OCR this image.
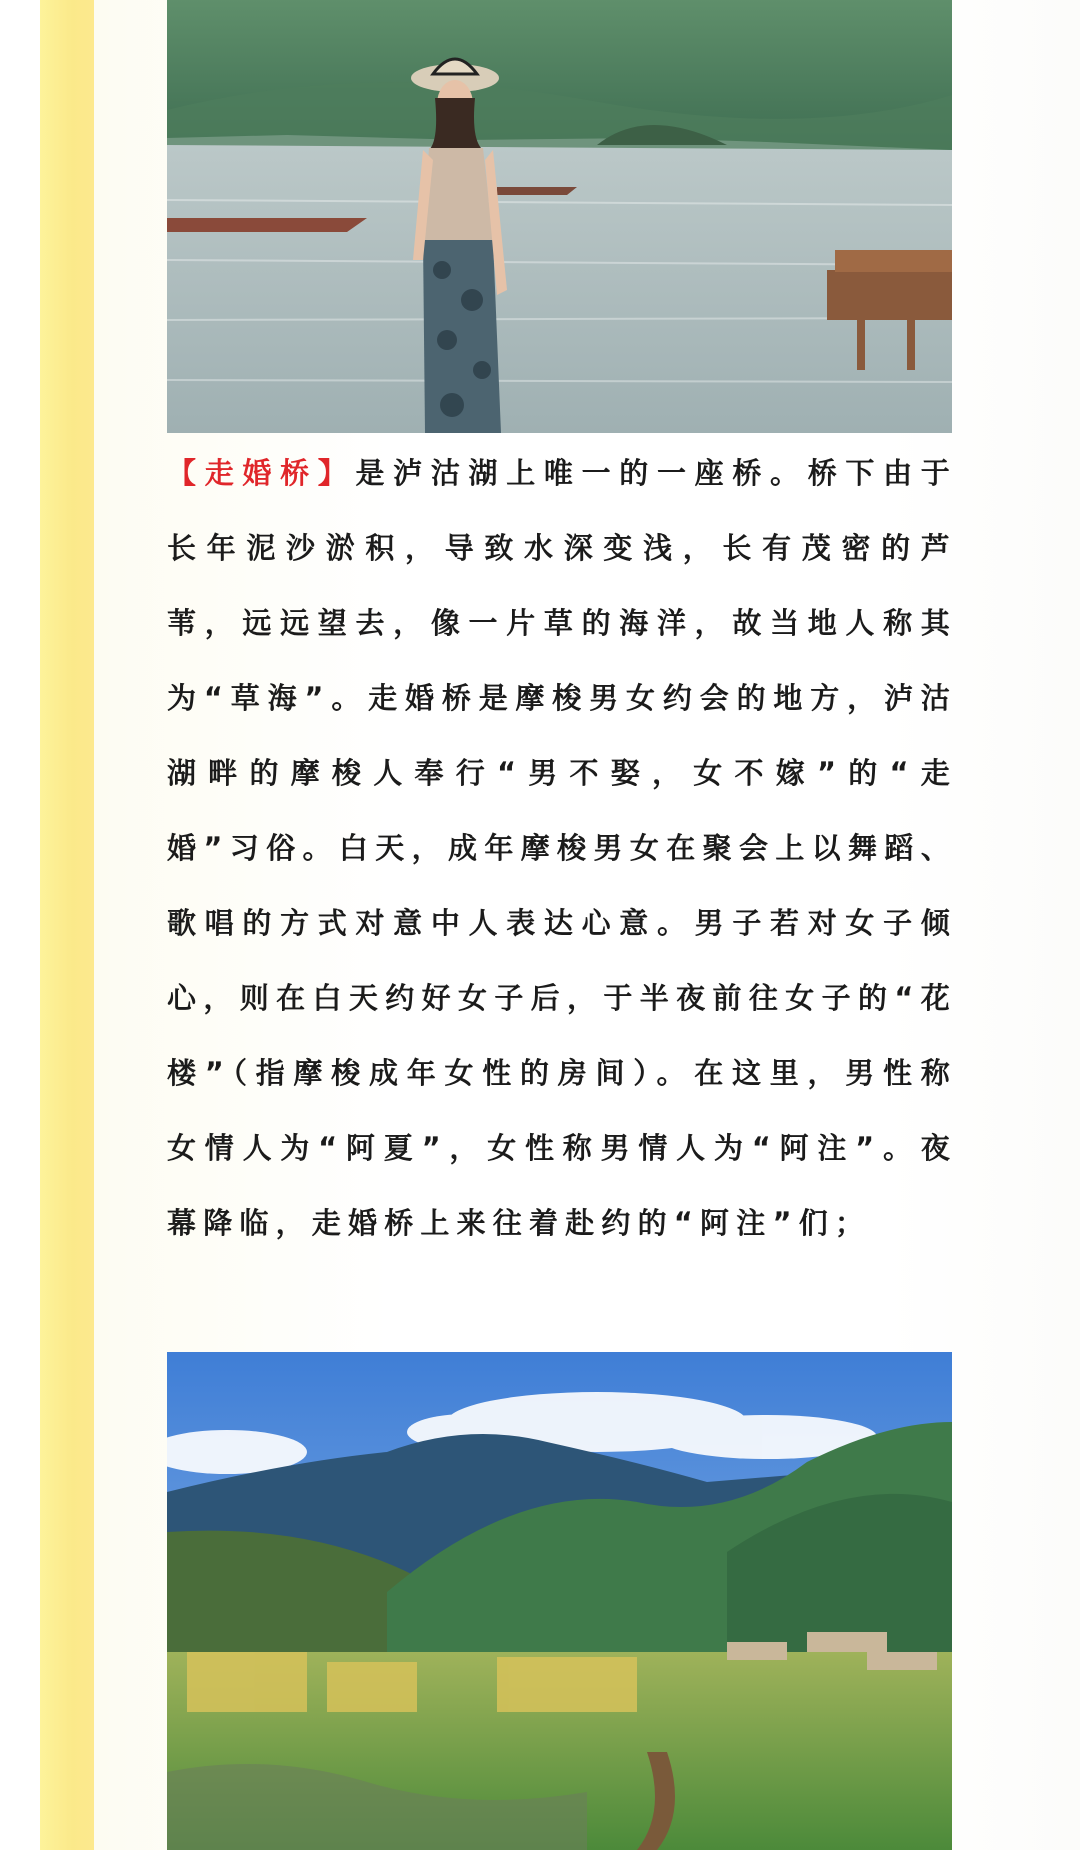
【走婚桥】是泸沽湖上唯一的一座桥。桥下由于长年泥沙淤积，导致水深变浅，长有茂密的芦苇，远远望去，像一片草的海洋，故当地人称其为“草海”。走婚桥是摩梭男女约会的地方，泸沽湖畔的摩梭人奉行“男不娶，女不嫁”的“走婚”习俗。白天，成年摩梭男女在聚会上以舞蹈、歌唱的方式对意中人表达心意。男子若对女子倾心，则在白天约好女子后，于半夜前往女子的“花楼”（指摩梭成年女性的房间）。在这里，男性称女情人为“阿夏”，女性称男情人为“阿注”。夜幕降临，走婚桥上来往着赴约的“阿注”们；
